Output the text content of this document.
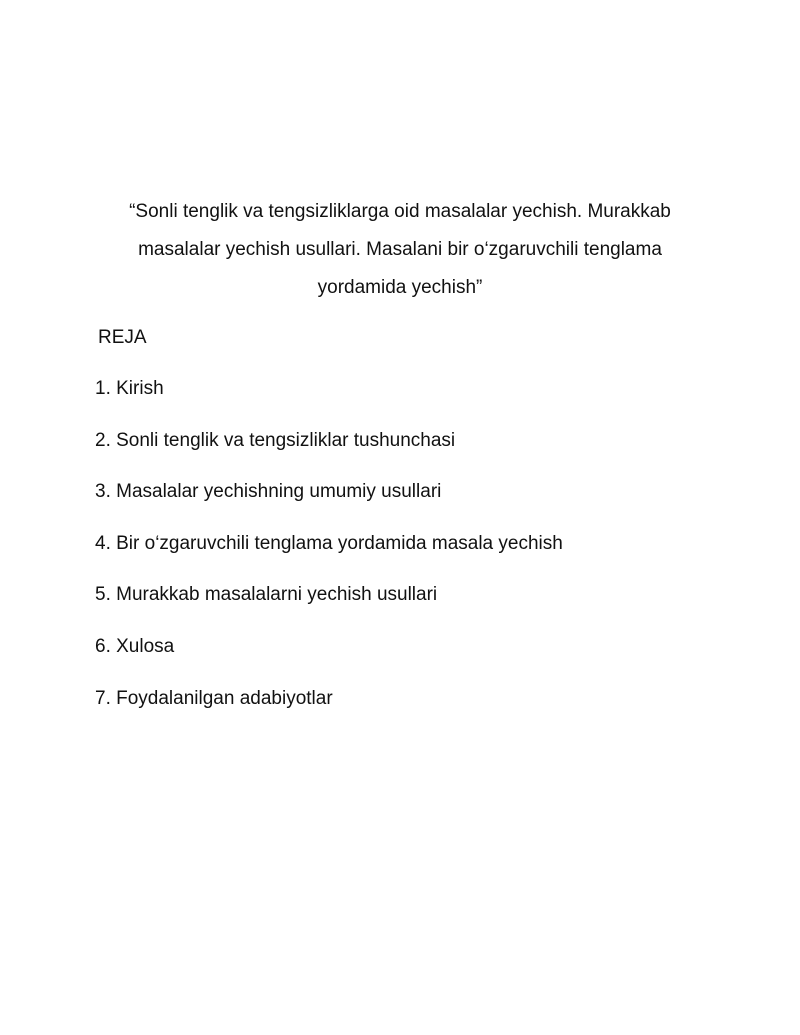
“Sonli tenglik va tengsizliklarga oid masalalar yechish. Murakkab masalalar yechish usullari. Masalani bir o‘zgaruvchili tenglama yordamida yechish”

REJA

1. Kirish
2. Sonli tenglik va tengsizliklar tushunchasi
3. Masalalar yechishning umumiy usullari
4. Bir o‘zgaruvchili tenglama yordamida masala yechish
5. Murakkab masalalarni yechish usullari
6. Xulosa
7. Foydalanilgan adabiyotlar
